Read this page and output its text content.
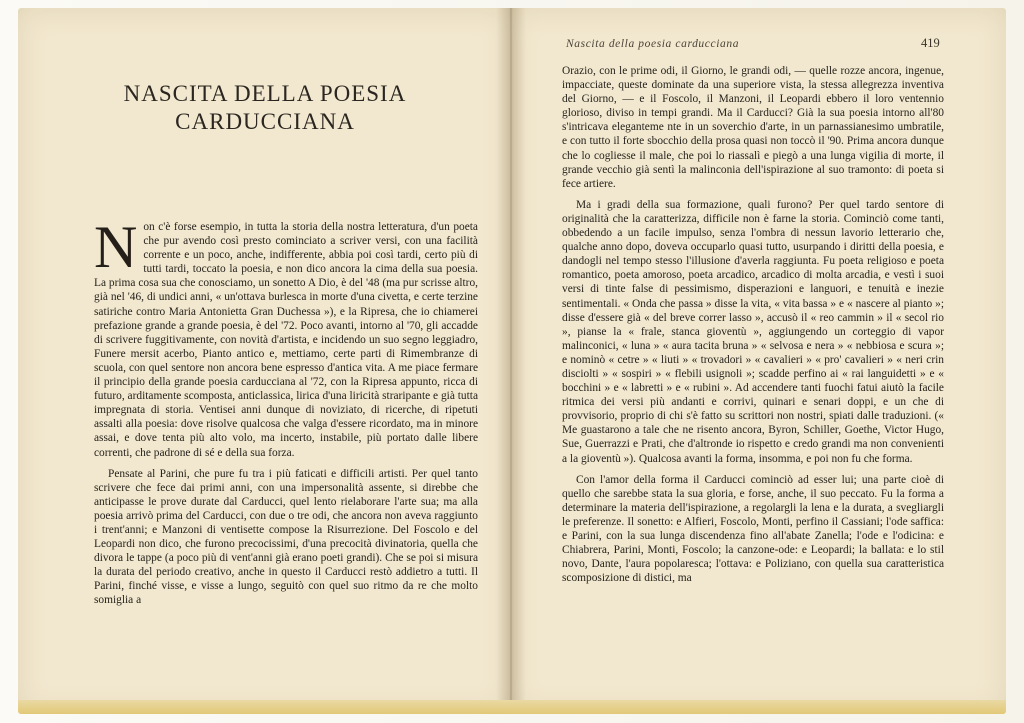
NASCITA DELLA POESIA
CARDUCCIANA

Non c'è forse esempio, in tutta la storia della nostra letteratura, d'un poeta che pur avendo così presto cominciato a scriver versi, con una facilità corrente e un poco, anche, indifferente, abbia poi così tardi, certo più di tutti tardi, toccato la poesia, e non dico ancora la cima della sua poesia. La prima cosa sua che conosciamo, un sonetto A Dio, è del '48 (ma pur scrisse altro, già nel '46, di undici anni, « un'ottava burlesca in morte d'una civetta, e certe terzine satiriche contro Maria Antonietta Gran Duchessa »), e la Ripresa, che io chiamerei prefazione grande a grande poesia, è del '72. Poco avanti, intorno al '70, gli accadde di scrivere fuggitivamente, con novità d'artista, e incidendo un suo segno leggiadro, Funere mersit acerbo, Pianto antico e, mettiamo, certe parti di Rimembranze di scuola, con quel sentore non ancora bene espresso d'antica vita. A me piace fermare il principio della grande poesia carducciana al '72, con la Ripresa appunto, ricca di futuro, arditamente scomposta, anticlassica, lirica d'una liricità straripante e già tutta impregnata di storia. Ventisei anni dunque di noviziato, di ricerche, di ripetuti assalti alla poesia: dove risolve qualcosa che valga d'essere ricordato, ma in minore assai, e dove tenta più alto volo, ma incerto, instabile, più portato dalle libere correnti, che padrone di sé e della sua forza.

Pensate al Parini, che pure fu tra i più faticati e difficili artisti. Per quel tanto scrivere che fece dai primi anni, con una impersonalità assente, si direbbe che anticipasse le prove durate dal Carducci, quel lento rielaborare l'arte sua; ma alla poesia arrivò prima del Carducci, con due o tre odi, che ancora non aveva raggiunto i trent'anni; e Manzoni di ventisette compose la Risurrezione. Del Foscolo e del Leopardi non dico, che furono precocissimi, d'una precocità divinatoria, quella che divora le tappe (a poco più di vent'anni già erano poeti grandi). Che se poi si misura la durata del periodo creativo, anche in questo il Carducci restò addietro a tutti. Il Parini, finché visse, e visse a lungo, seguitò con quel suo ritmo da re che molto somiglia a

Nascita della poesia carducciana	419

Orazio, con le prime odi, il Giorno, le grandi odi, — quelle rozze ancora, ingenue, impacciate, queste dominate da una superiore vista, la stessa allegrezza inventiva del Giorno, — e il Foscolo, il Manzoni, il Leopardi ebbero il loro ventennio glorioso, diviso in tempi grandi. Ma il Carducci? Già la sua poesia intorno all'80 s'intricava eleganteme nte in un soverchio d'arte, in un parnassianesimo umbratile, e con tutto il forte sbocchio della prosa quasi non toccò il '90. Prima ancora dunque che lo cogliesse il male, che poi lo riassalì e piegò a una lunga vigilia di morte, il grande vecchio già sentì la malinconia dell'ispirazione al suo tramonto: di poeta si fece artiere.

Ma i gradi della sua formazione, quali furono? Per quel tardo sentore di originalità che la caratterizza, difficile non è farne la storia. Cominciò come tanti, obbedendo a un facile impulso, senza l'ombra di nessun lavorio letterario che, qualche anno dopo, doveva occuparlo quasi tutto, usurpando i diritti della poesia, e dandogli nel tempo stesso l'illusione d'averla raggiunta. Fu poeta religioso e poeta romantico, poeta amoroso, poeta arcadico, arcadico di molta arcadia, e vestì i suoi versi di tinte false di pessimismo, disperazioni e languori, e tenuità e inezie sentimentali. « Onda che passa » disse la vita, « vita bassa » e « nascere al pianto »; disse d'essere già « del breve correr lasso », accusò il « reo cammin » il « secol rio », pianse la « frale, stanca gioventù », aggiungendo un corteggio di vapor malinconici, « luna » « aura tacita bruna » « selvosa e nera » « nebbiosa e scura »; e nominò « cetre » « liuti » « trovadori » « cavalieri » « pro' cavalieri » « neri crin disciolti » « sospiri » « flebili usignoli »; scadde perfino ai « rai languidetti » e « bocchini » e « labretti » e « rubini ». Ad accendere tanti fuochi fatui aiutò la facile ritmica dei versi più andanti e corrivi, quinari e senari doppi, e un che di provvisorio, proprio di chi s'è fatto su scrittori non nostri, spiati dalle traduzioni. (« Me guastarono a tale che ne risento ancora, Byron, Schiller, Goethe, Victor Hugo, Sue, Guerrazzi e Prati, che d'altronde io rispetto e credo grandi ma non convenienti a la gioventù »). Qualcosa avanti la forma, insomma, e poi non fu che forma.

Con l'amor della forma il Carducci cominciò ad esser lui; una parte cioè di quello che sarebbe stata la sua gloria, e forse, anche, il suo peccato. Fu la forma a determinare la materia dell'ispirazione, a regolargli la lena e la durata, a svegliargli le preferenze. Il sonetto: e Alfieri, Foscolo, Monti, perfino il Cassiani; l'ode saffica: e Parini, con la sua lunga discendenza fino all'abate Zanella; l'ode e l'odicina: e Chiabrera, Parini, Monti, Foscolo; la canzone-ode: e Leopardi; la ballata: e lo stil novo, Dante, l'aura popolaresca; l'ottava: e Poliziano, con quella sua caratteristica scomposizione di distici, ma
